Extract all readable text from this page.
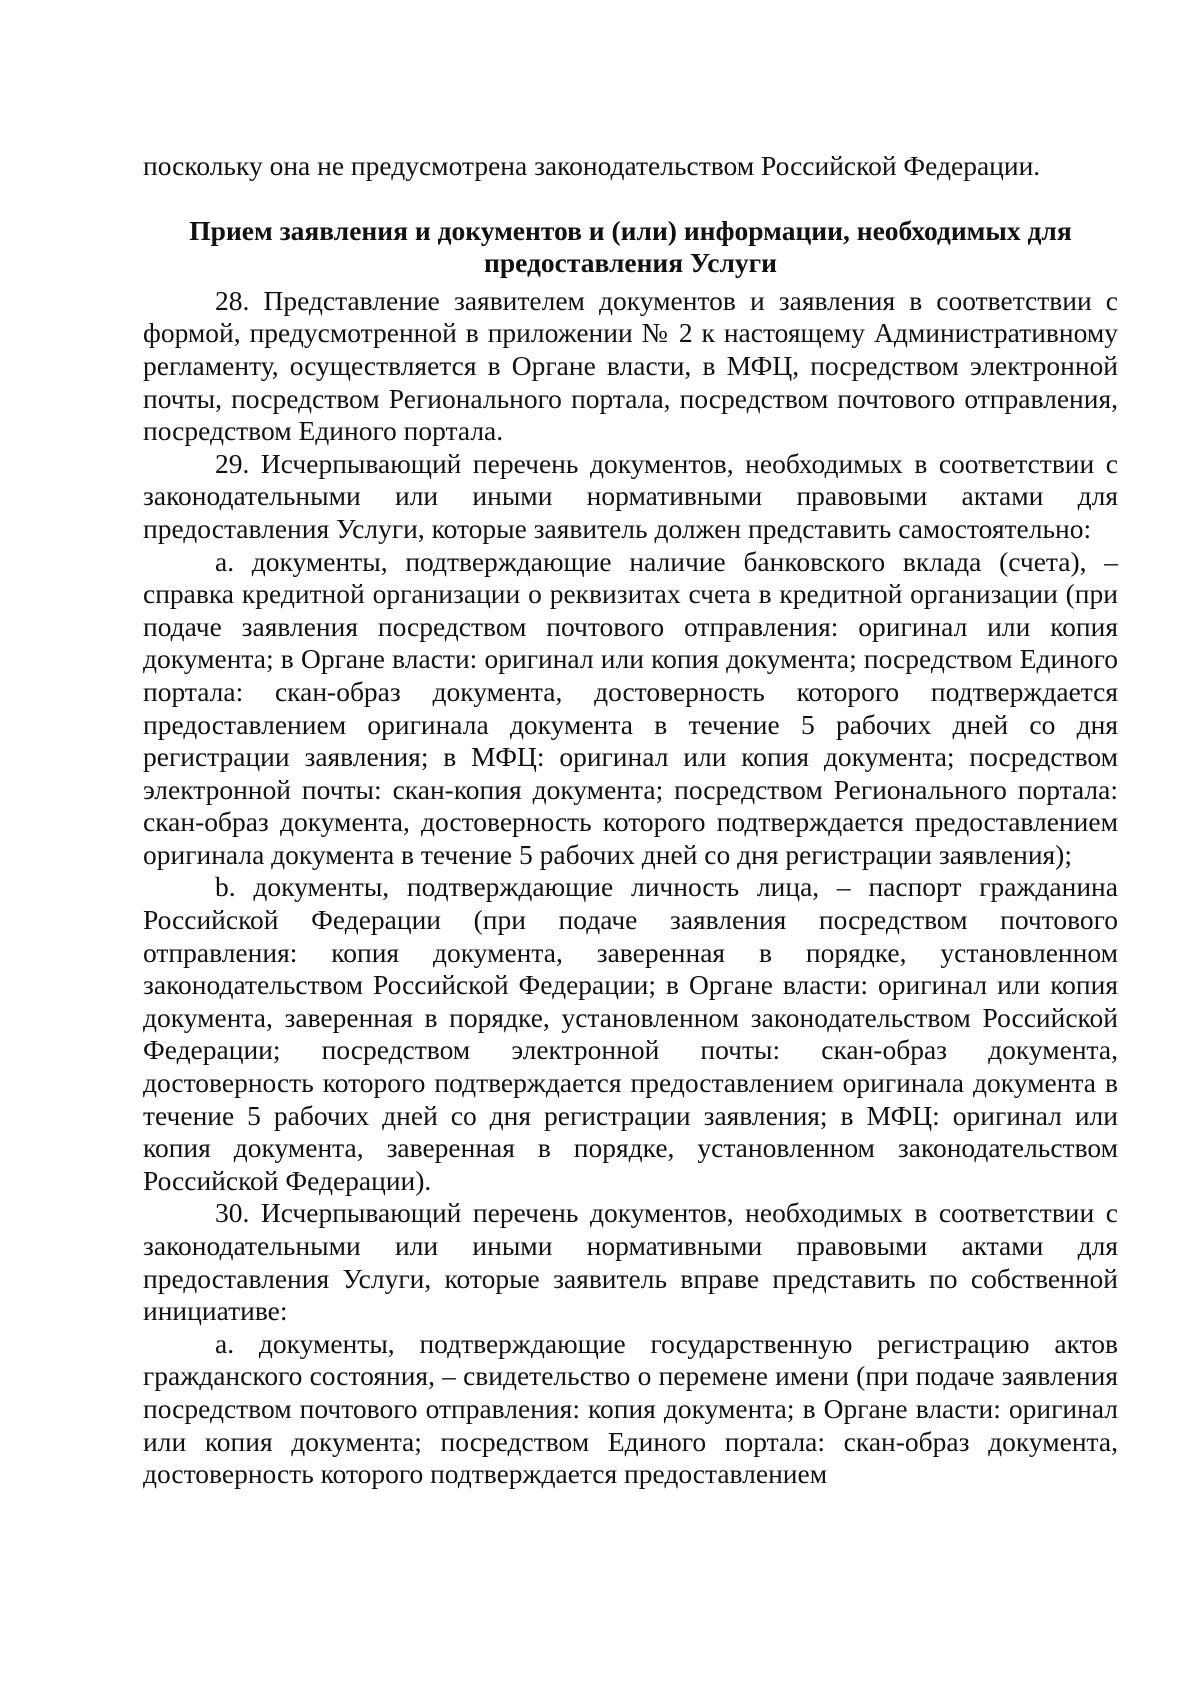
поскольку она не предусмотрена законодательством Российской Федерации.

Прием заявления и документов и (или) информации, необходимых для предоставления Услуги

28. Представление заявителем документов и заявления в соответствии с формой, предусмотренной в приложении № 2 к настоящему Административному регламенту, осуществляется в Органе власти, в МФЦ, посредством электронной почты, посредством Регионального портала, посредством почтового отправления, посредством Единого портала.

29. Исчерпывающий перечень документов, необходимых в соответствии с законодательными или иными нормативными правовыми актами для предоставления Услуги, которые заявитель должен представить самостоятельно:

a. документы, подтверждающие наличие банковского вклада (счета), – справка кредитной организации о реквизитах счета в кредитной организации (при подаче заявления посредством почтового отправления: оригинал или копия документа; в Органе власти: оригинал или копия документа; посредством Единого портала: скан-образ документа, достоверность которого подтверждается предоставлением оригинала документа в течение 5 рабочих дней со дня регистрации заявления; в МФЦ: оригинал или копия документа; посредством электронной почты: скан-копия документа; посредством Регионального портала: скан-образ документа, достоверность которого подтверждается предоставлением оригинала документа в течение 5 рабочих дней со дня регистрации заявления);

b. документы, подтверждающие личность лица, – паспорт гражданина Российской Федерации (при подаче заявления посредством почтового отправления: копия документа, заверенная в порядке, установленном законодательством Российской Федерации; в Органе власти: оригинал или копия документа, заверенная в порядке, установленном законодательством Российской Федерации; посредством электронной почты: скан-образ документа, достоверность которого подтверждается предоставлением оригинала документа в течение 5 рабочих дней со дня регистрации заявления; в МФЦ: оригинал или копия документа, заверенная в порядке, установленном законодательством Российской Федерации).

30. Исчерпывающий перечень документов, необходимых в соответствии с законодательными или иными нормативными правовыми актами для предоставления Услуги, которые заявитель вправе представить по собственной инициативе:

a. документы, подтверждающие государственную регистрацию актов гражданского состояния, – свидетельство о перемене имени (при подаче заявления посредством почтового отправления: копия документа; в Органе власти: оригинал или копия документа; посредством Единого портала: скан-образ документа, достоверность которого подтверждается предоставлением
